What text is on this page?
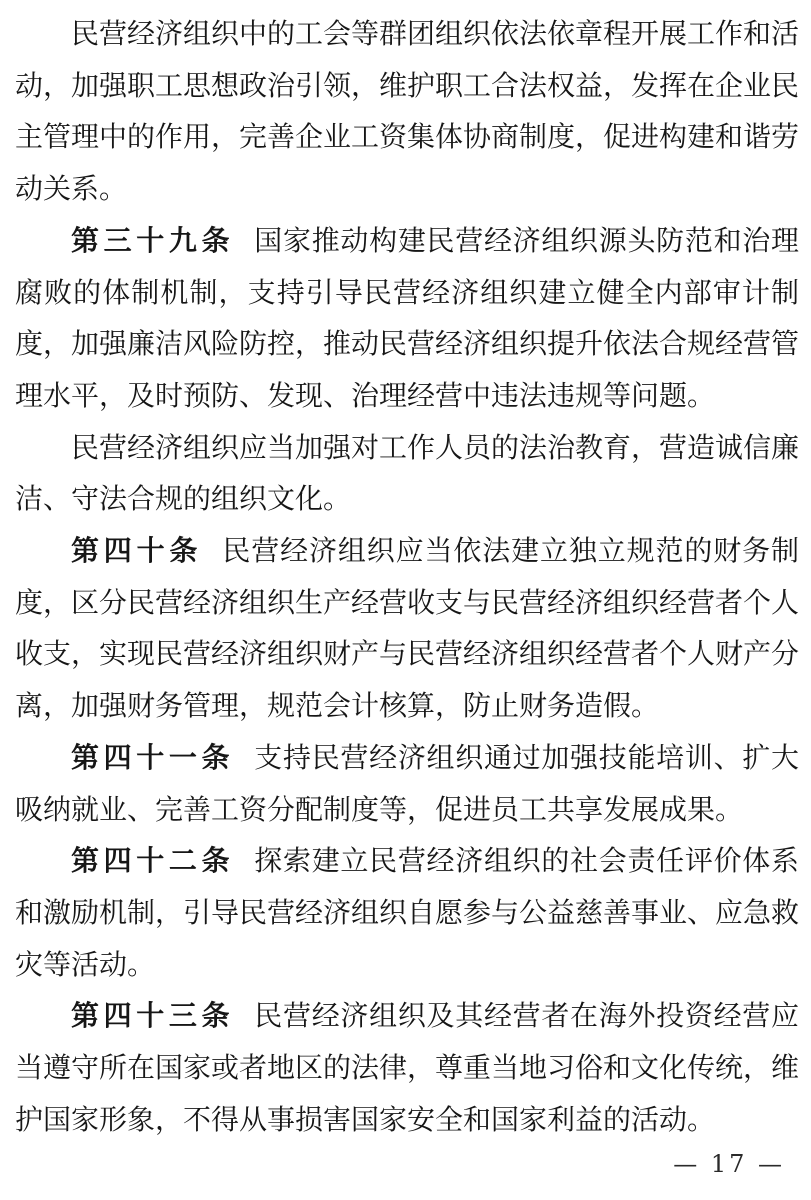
民营经济组织中的工会等群团组织依法依章程开展工作和活动，加强职工思想政治引领，维护职工合法权益，发挥在企业民主管理中的作用，完善企业工资集体协商制度，促进构建和谐劳动关系。

第三十九条 国家推动构建民营经济组织源头防范和治理腐败的体制机制，支持引导民营经济组织建立健全内部审计制度，加强廉洁风险防控，推动民营经济组织提升依法合规经营管理水平，及时预防、发现、治理经营中违法违规等问题。

民营经济组织应当加强对工作人员的法治教育，营造诚信廉洁、守法合规的组织文化。

第四十条 民营经济组织应当依法建立独立规范的财务制度，区分民营经济组织生产经营收支与民营经济组织经营者个人收支，实现民营经济组织财产与民营经济组织经营者个人财产分离，加强财务管理，规范会计核算，防止财务造假。

第四十一条 支持民营经济组织通过加强技能培训、扩大吸纳就业、完善工资分配制度等，促进员工共享发展成果。

第四十二条 探索建立民营经济组织的社会责任评价体系和激励机制，引导民营经济组织自愿参与公益慈善事业、应急救灾等活动。

第四十三条 民营经济组织及其经营者在海外投资经营应当遵守所在国家或者地区的法律，尊重当地习俗和文化传统，维护国家形象，不得从事损害国家安全和国家利益的活动。

— 17 —
